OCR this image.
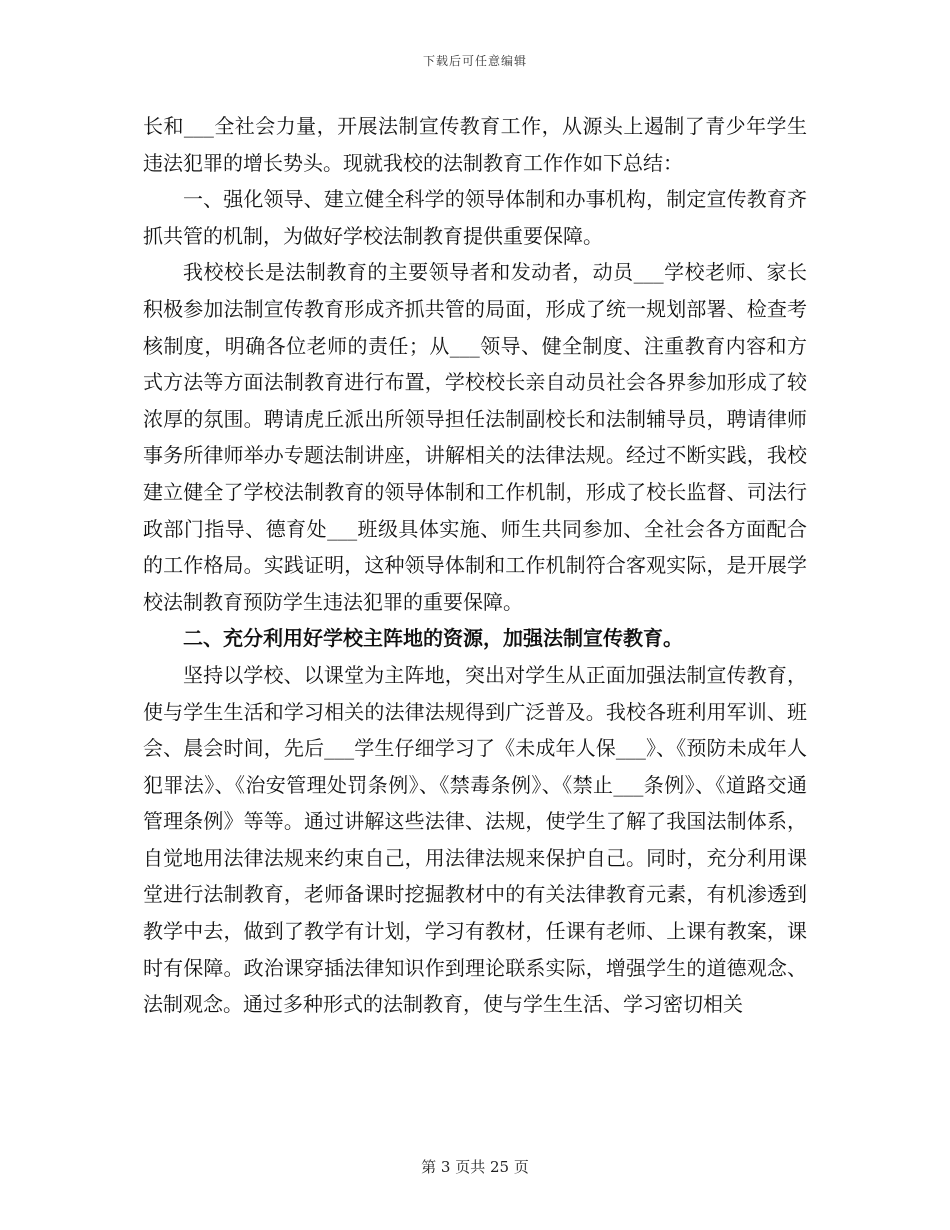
下载后可任意编辑

长和___全社会力量，开展法制宣传教育工作，从源头上遏制了青少年学生违法犯罪的增长势头。现就我校的法制教育工作作如下总结：

一、强化领导、建立健全科学的领导体制和办事机构，制定宣传教育齐抓共管的机制，为做好学校法制教育提供重要保障。

我校校长是法制教育的主要领导者和发动者，动员___学校老师、家长积极参加法制宣传教育形成齐抓共管的局面，形成了统一规划部署、检查考核制度，明确各位老师的责任；从___领导、健全制度、注重教育内容和方式方法等方面法制教育进行布置，学校校长亲自动员社会各界参加形成了较浓厚的氛围。聘请虎丘派出所领导担任法制副校长和法制辅导员，聘请律师事务所律师举办专题法制讲座，讲解相关的法律法规。经过不断实践，我校建立健全了学校法制教育的领导体制和工作机制，形成了校长监督、司法行政部门指导、德育处___班级具体实施、师生共同参加、全社会各方面配合的工作格局。实践证明，这种领导体制和工作机制符合客观实际，是开展学校法制教育预防学生违法犯罪的重要保障。

二、充分利用好学校主阵地的资源，加强法制宣传教育。

坚持以学校、以课堂为主阵地，突出对学生从正面加强法制宣传教育，使与学生生活和学习相关的法律法规得到广泛普及。我校各班利用军训、班会、晨会时间，先后___学生仔细学习了《未成年人保___》、《预防未成年人犯罪法》、《治安管理处罚条例》、《禁毒条例》、《禁止___条例》、《道路交通管理条例》等等。通过讲解这些法律、法规，使学生了解了我国法制体系，自觉地用法律法规来约束自己，用法律法规来保护自己。同时，充分利用课堂进行法制教育，老师备课时挖掘教材中的有关法律教育元素，有机渗透到教学中去，做到了教学有计划，学习有教材，任课有老师、上课有教案，课时有保障。政治课穿插法律知识作到理论联系实际，增强学生的道德观念、法制观念。通过多种形式的法制教育，使与学生生活、学习密切相关

第 3 页共 25 页
